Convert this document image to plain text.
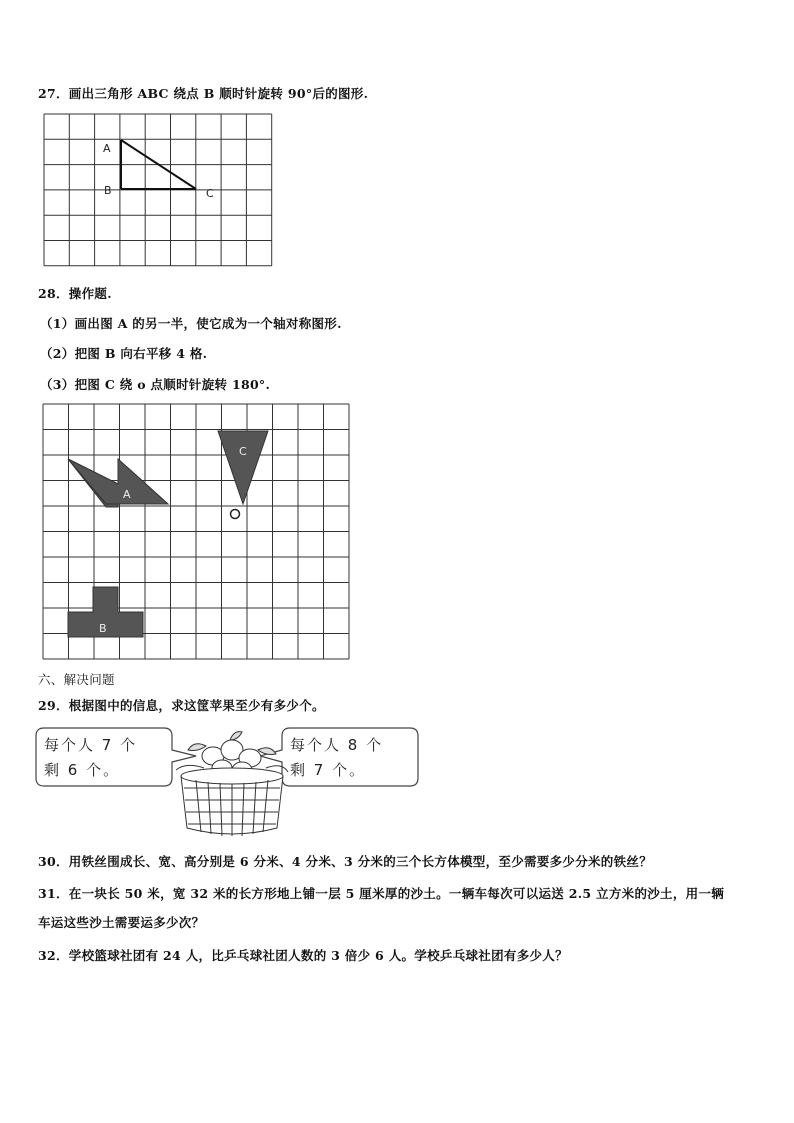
27．画出三角形 ABC 绕点 B 顺时针旋转 90°后的图形.
A
B	C
28．操作题.
（1）画出图 A 的另一半，使它成为一个轴对称图形.
（2）把图 B 向右平移 4 格.
（3）把图 C 绕 o 点顺时针旋转 180°.
A
C
B
六、解决问题
29．根据图中的信息，求这筐苹果至少有多少个。
每个人 7 个
剩 6 个。
每个人 8 个
剩 7 个。
30．用铁丝围成长、宽、高分别是 6 分米、4 分米、3 分米的三个长方体模型，至少需要多少分米的铁丝？
31．在一块长 50 米，宽 32 米的长方形地上铺一层 5 厘米厚的沙土。一辆车每次可以运送 2.5 立方米的沙土，用一辆
车运这些沙土需要运多少次？
32．学校篮球社团有 24 人，比乒乓球社团人数的 3 倍少 6 人。学校乒乓球社团有多少人？
